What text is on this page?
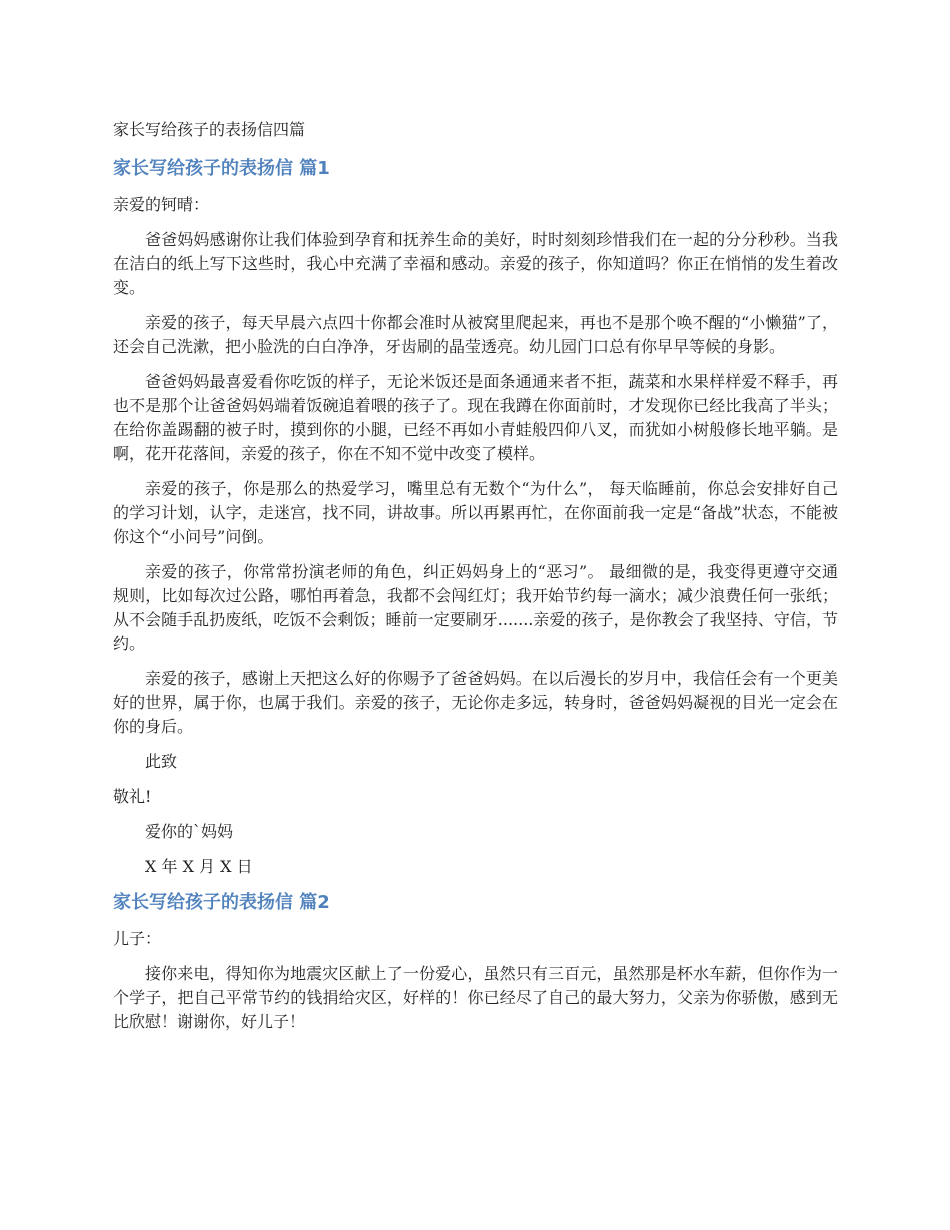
家长写给孩子的表扬信四篇
家长写给孩子的表扬信 篇1
亲爱的钶晴：
爸爸妈妈感谢你让我们体验到孕育和抚养生命的美好，时时刻刻珍惜我们在一起的分分秒秒。当我在洁白的纸上写下这些时，我心中充满了幸福和感动。亲爱的孩子，你知道吗？你正在悄悄的发生着改变。
亲爱的孩子，每天早晨六点四十你都会准时从被窝里爬起来，再也不是那个唤不醒的“小懒猫”了，还会自己洗漱，把小脸洗的白白净净，牙齿刷的晶莹透亮。幼儿园门口总有你早早等候的身影。
爸爸妈妈最喜爱看你吃饭的样子，无论米饭还是面条通通来者不拒，蔬菜和水果样样爱不释手，再也不是那个让爸爸妈妈端着饭碗追着喂的孩子了。现在我蹲在你面前时，才发现你已经比我高了半头；在给你盖踢翻的被子时，摸到你的小腿，已经不再如小青蛙般四仰八叉，而犹如小树般修长地平躺。是啊，花开花落间，亲爱的孩子，你在不知不觉中改变了模样。
亲爱的孩子，你是那么的热爱学习，嘴里总有无数个“为什么”， 每天临睡前，你总会安排好自己的学习计划，认字，走迷宫，找不同，讲故事。所以再累再忙，在你面前我一定是“备战”状态，不能被你这个“小问号”问倒。
亲爱的孩子，你常常扮演老师的角色，纠正妈妈身上的“恶习”。 最细微的是，我变得更遵守交通规则，比如每次过公路，哪怕再着急，我都不会闯红灯；我开始节约每一滴水；减少浪费任何一张纸；从不会随手乱扔废纸，吃饭不会剩饭；睡前一定要刷牙.......亲爱的孩子，是你教会了我坚持、守信，节约。
亲爱的孩子，感谢上天把这么好的你赐予了爸爸妈妈。在以后漫长的岁月中，我信任会有一个更美好的世界，属于你，也属于我们。亲爱的孩子，无论你走多远，转身时，爸爸妈妈凝视的目光一定会在你的身后。
此致
敬礼!
爱你的`妈妈
X 年 X 月 X 日
家长写给孩子的表扬信 篇2
儿子：
接你来电，得知你为地震灾区献上了一份爱心，虽然只有三百元，虽然那是杯水车薪，但你作为一个学子，把自己平常节约的钱捐给灾区，好样的！你已经尽了自己的最大努力，父亲为你骄傲，感到无比欣慰！谢谢你，好儿子！
